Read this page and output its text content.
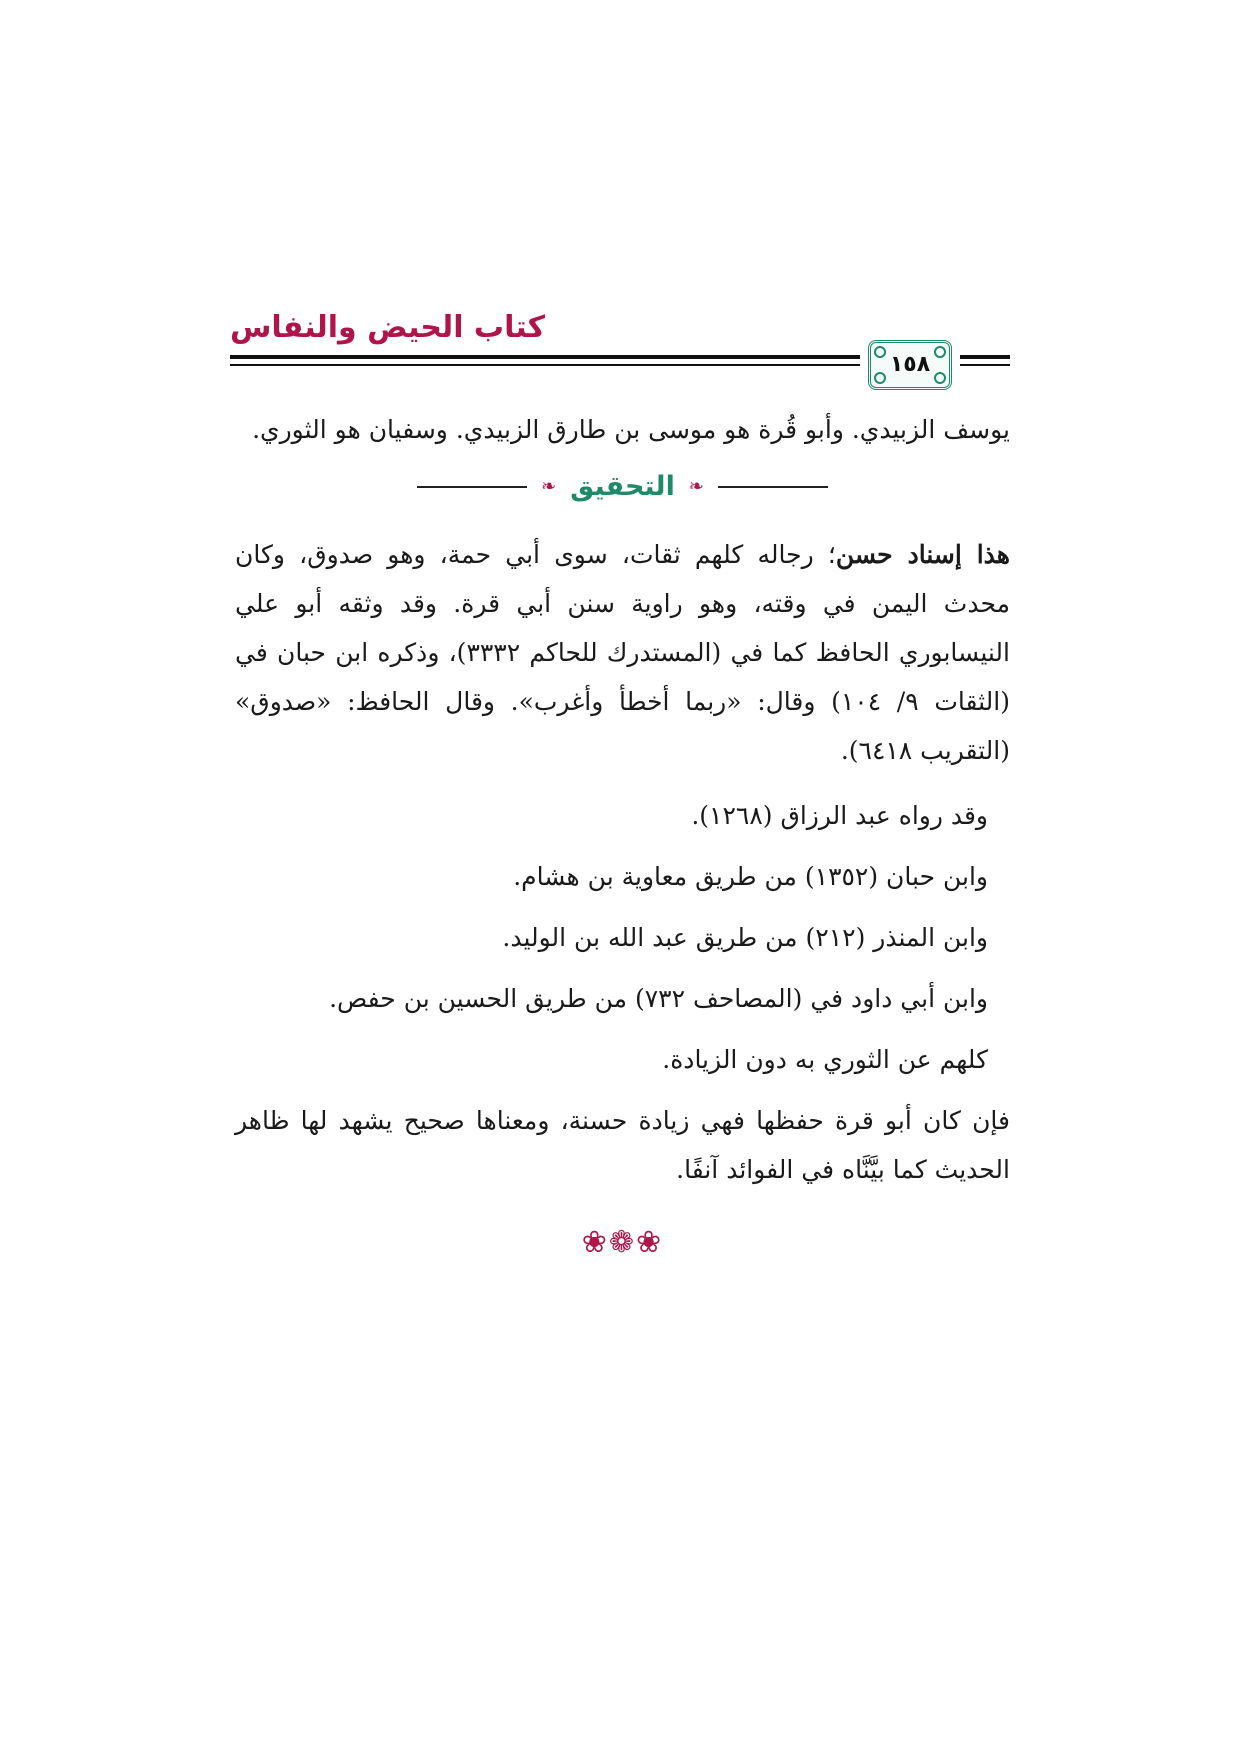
كتاب الحيض والنفاس
١٥٨

يوسف الزبيدي. وأبو قُرة هو موسى بن طارق الزبيدي. وسفيان هو الثوري.

❧ التحقيق ❧

هذا إسناد حسن؛ رجاله كلهم ثقات، سوى أبي حمة، وهو صدوق، وكان محدث اليمن في وقته، وهو راوية سنن أبي قرة. وقد وثقه أبو علي النيسابوري الحافظ كما في (المستدرك للحاكم ٣٣٣٢)، وذكره ابن حبان في (الثقات ٩/ ١٠٤) وقال: «ربما أخطأ وأغرب». وقال الحافظ: «صدوق» (التقريب ٦٤١٨).

وقد رواه عبد الرزاق (١٢٦٨).

وابن حبان (١٣٥٢) من طريق معاوية بن هشام.

وابن المنذر (٢١٢) من طريق عبد الله بن الوليد.

وابن أبي داود في (المصاحف ٧٣٢) من طريق الحسين بن حفص.

كلهم عن الثوري به دون الزيادة.

فإن كان أبو قرة حفظها فهي زيادة حسنة، ومعناها صحيح يشهد لها ظاهر الحديث كما بيَّنَّاه في الفوائد آنفًا.

❀❁❀
